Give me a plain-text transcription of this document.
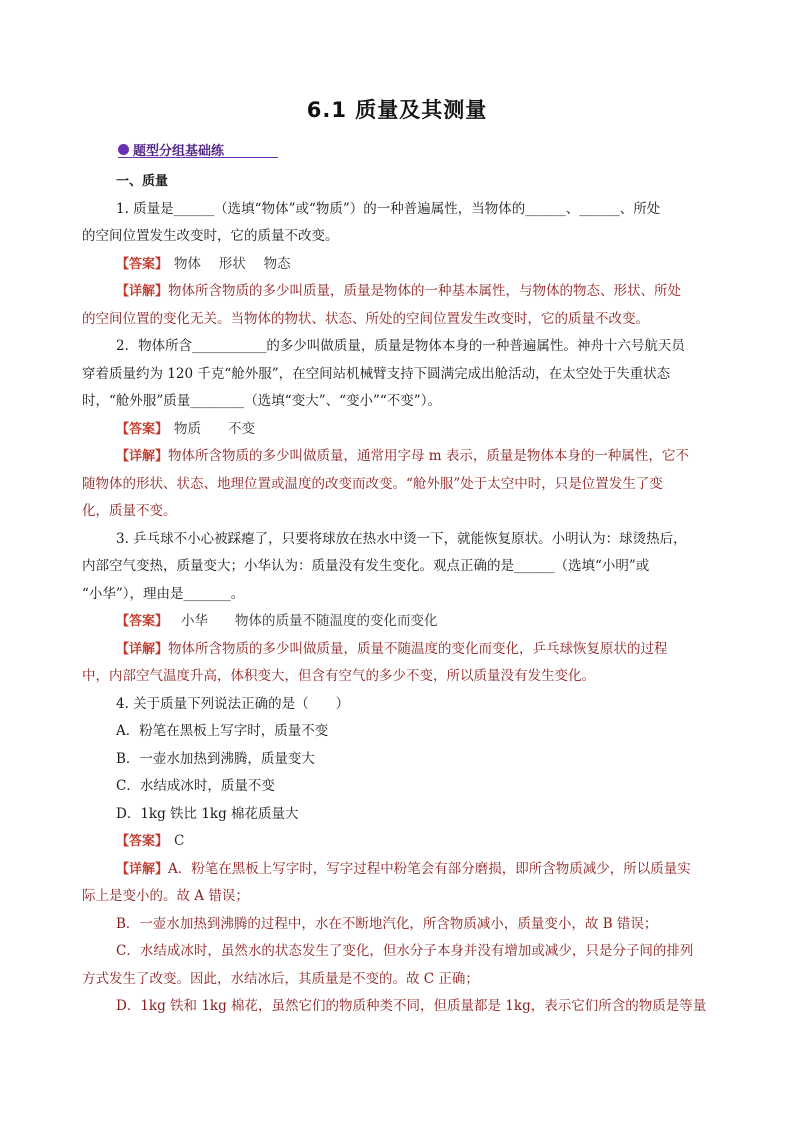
6.1 质量及其测量
题型分组基础练
一、质量
1. 质量是______（选填“物体”或“物质”）的一种普遍属性，当物体的______、______、所处
的空间位置发生改变时，它的质量不改变。
【答案】 物体　 形状　 物态
【详解】物体所含物质的多少叫质量，质量是物体的一种基本属性，与物体的物态、形状、所处
的空间位置的变化无关。当物体的物状、状态、所处的空间位置发生改变时，它的质量不改变。
2．物体所含___________的多少叫做质量，质量是物体本身的一种普遍属性。神舟十六号航天员
穿着质量约为 120 千克“舱外服”，在空间站机械臂支持下圆满完成出舱活动，在太空处于失重状态
时，“舱外服”质量________（选填“变大”、“变小”“不变”）。
【答案】 物质　　不变
【详解】物体所含物质的多少叫做质量，通常用字母 m 表示，质量是物体本身的一种属性，它不
随物体的形状、状态、地理位置或温度的改变而改变。“舱外服”处于太空中时，只是位置发生了变
化，质量不变。
3. 乒乓球不小心被踩瘪了，只要将球放在热水中烫一下，就能恢复原状。小明认为：球烫热后，
内部空气变热，质量变大；小华认为：质量没有发生变化。观点正确的是______（选填“小明”或
“小华”），理由是_______。
【答案】　小华　　物体的质量不随温度的变化而变化
【详解】物体所含物质的多少叫做质量，质量不随温度的变化而变化，乒乓球恢复原状的过程
中，内部空气温度升高，体积变大，但含有空气的多少不变，所以质量没有发生变化。
4. 关于质量下列说法正确的是（　　）
A．粉笔在黑板上写字时，质量不变
B．一壶水加热到沸腾，质量变大
C．水结成冰时，质量不变
D．1kg 铁比 1kg 棉花质量大
【答案】 C
【详解】A．粉笔在黑板上写字时，写字过程中粉笔会有部分磨损，即所含物质减少，所以质量实
际上是变小的。故 A 错误；
B．一壶水加热到沸腾的过程中，水在不断地汽化，所含物质减小，质量变小，故 B 错误；
C．水结成冰时，虽然水的状态发生了变化，但水分子本身并没有增加或减少，只是分子间的排列
方式发生了改变。因此，水结冰后，其质量是不变的。故 C 正确；
D．1kg 铁和 1kg 棉花，虽然它们的物质种类不同，但质量都是 1kg，表示它们所含的物质是等量
